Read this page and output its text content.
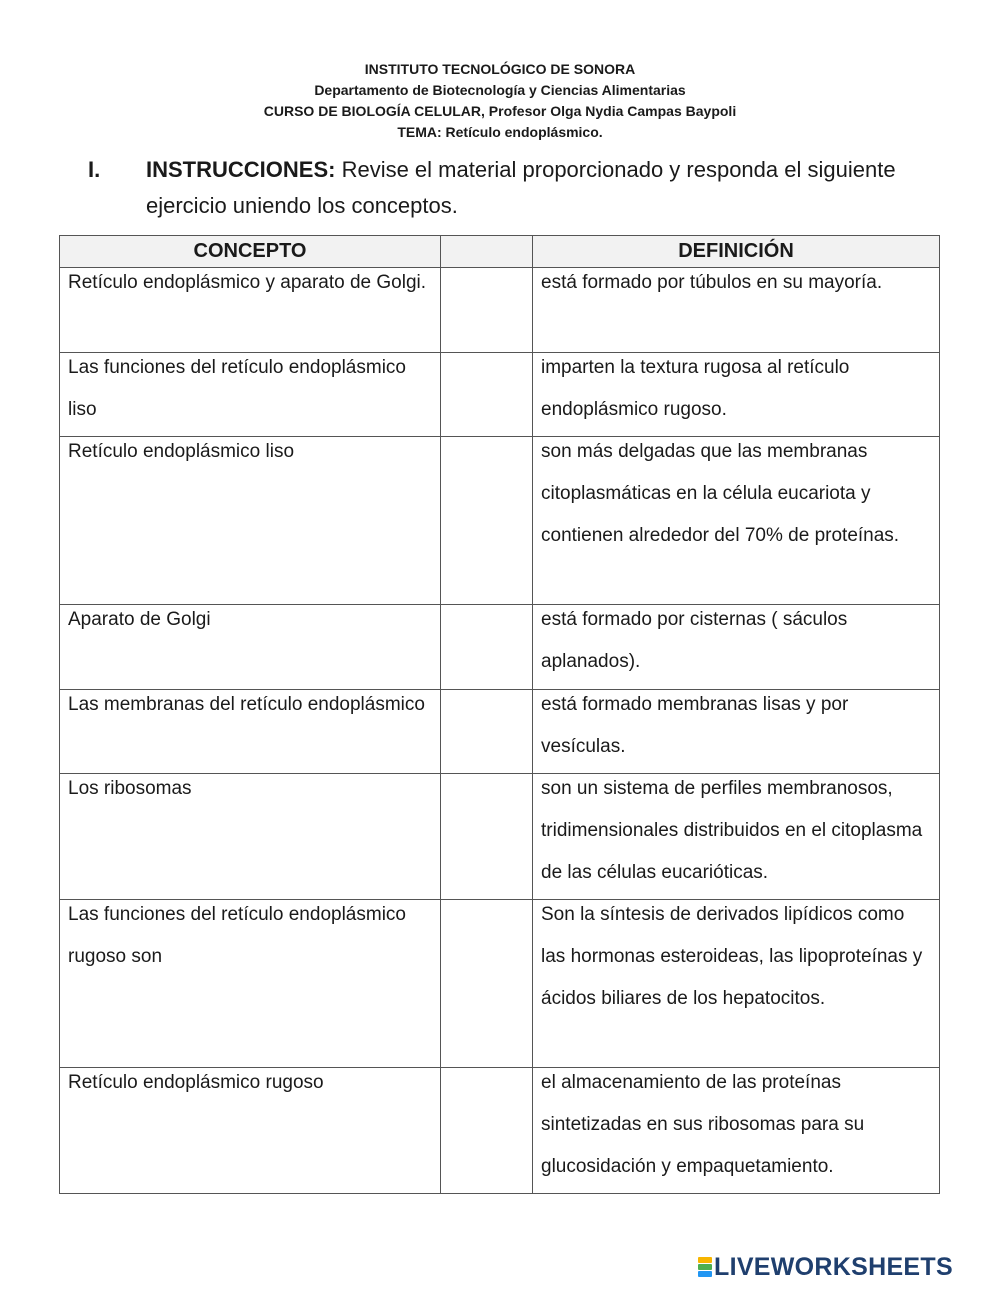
INSTITUTO TECNOLÓGICO DE SONORA
Departamento de Biotecnología y Ciencias Alimentarias
CURSO DE BIOLOGÍA CELULAR, Profesor Olga Nydia Campas Baypoli
TEMA: Retículo endoplásmico.
I. INSTRUCCIONES: Revise el material proporcionado y responda el siguiente ejercicio uniendo los conceptos.
CONCEPTO		DEFINICIÓN

Retículo endoplásmico y aparato de Golgi.		está formado por túbulos en su mayoría.

Las funciones del retículo endoplásmico liso		imparten la textura rugosa al retículo endoplásmico rugoso.

Retículo endoplásmico liso		son más delgadas que las membranas citoplasmáticas en la célula eucariota y contienen alrededor del 70% de proteínas.

Aparato de Golgi		está formado por cisternas ( sáculos aplanados).

Las membranas del retículo endoplásmico		está formado membranas lisas y por vesículas.

Los ribosomas		son un sistema de perfiles membranosos, tridimensionales distribuidos en el citoplasma de las células eucarióticas.

Las funciones del retículo endoplásmico rugoso son		Son la síntesis de derivados lipídicos como las hormonas esteroideas, las lipoproteínas y ácidos biliares de los hepatocitos.

Retículo endoplásmico rugoso		el almacenamiento de las proteínas sintetizadas en sus ribosomas para su glucosidación y empaquetamiento.
LIVEWORKSHEETS
